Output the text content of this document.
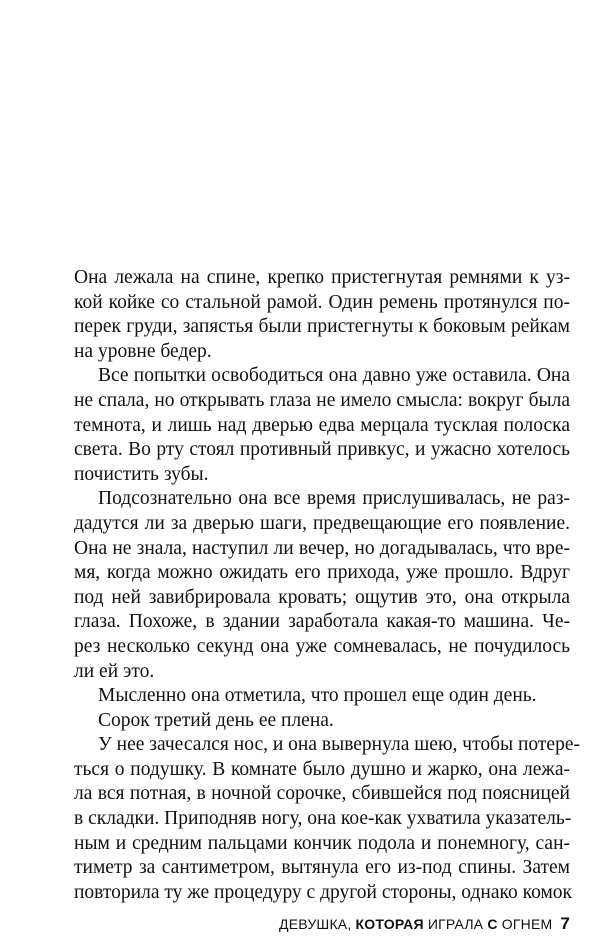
Она лежала на спине, крепко пристегнутая ремнями к уз-
кой койке со стальной рамой. Один ремень протянулся по-
перек груди, запястья были пристегнуты к боковым рейкам
на уровне бедер.
Все попытки освободиться она давно уже оставила. Она
не спала, но открывать глаза не имело смысла: вокруг была
темнота, и лишь над дверью едва мерцала тусклая полоска
света. Во рту стоял противный привкус, и ужасно хотелось
почистить зубы.
Подсознательно она все время прислушивалась, не раз-
дадутся ли за дверью шаги, предвещающие его появление.
Она не знала, наступил ли вечер, но догадывалась, что вре-
мя, когда можно ожидать его прихода, уже прошло. Вдруг
под ней завибрировала кровать; ощутив это, она открыла
глаза. Похоже, в здании заработала какая-то машина. Че-
рез несколько секунд она уже сомневалась, не почудилось
ли ей это.
Мысленно она отметила, что прошел еще один день.
Сорок третий день ее плена.
У нее зачесался нос, и она вывернула шею, чтобы потере-
ться о подушку. В комнате было душно и жарко, она лежа-
ла вся потная, в ночной сорочке, сбившейся под поясницей
в складки. Приподняв ногу, она кое-как ухватила указатель-
ным и средним пальцами кончик подола и понемногу, сан-
тиметр за сантиметром, вытянула его из-под спины. Затем
повторила ту же процедуру с другой стороны, однако комок
ДЕВУШКА, КОТОРАЯ ИГРАЛА С ОГНЕМ 7
